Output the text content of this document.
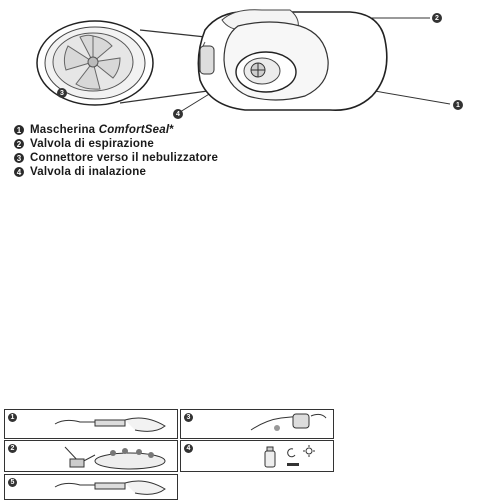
2
1
3
4
1 Mascherina ComfortSeal*
2 Valvola di espirazione
3 Connettore verso il nebulizzatore
4 Valvola di inalazione
1	3
2	4
5
